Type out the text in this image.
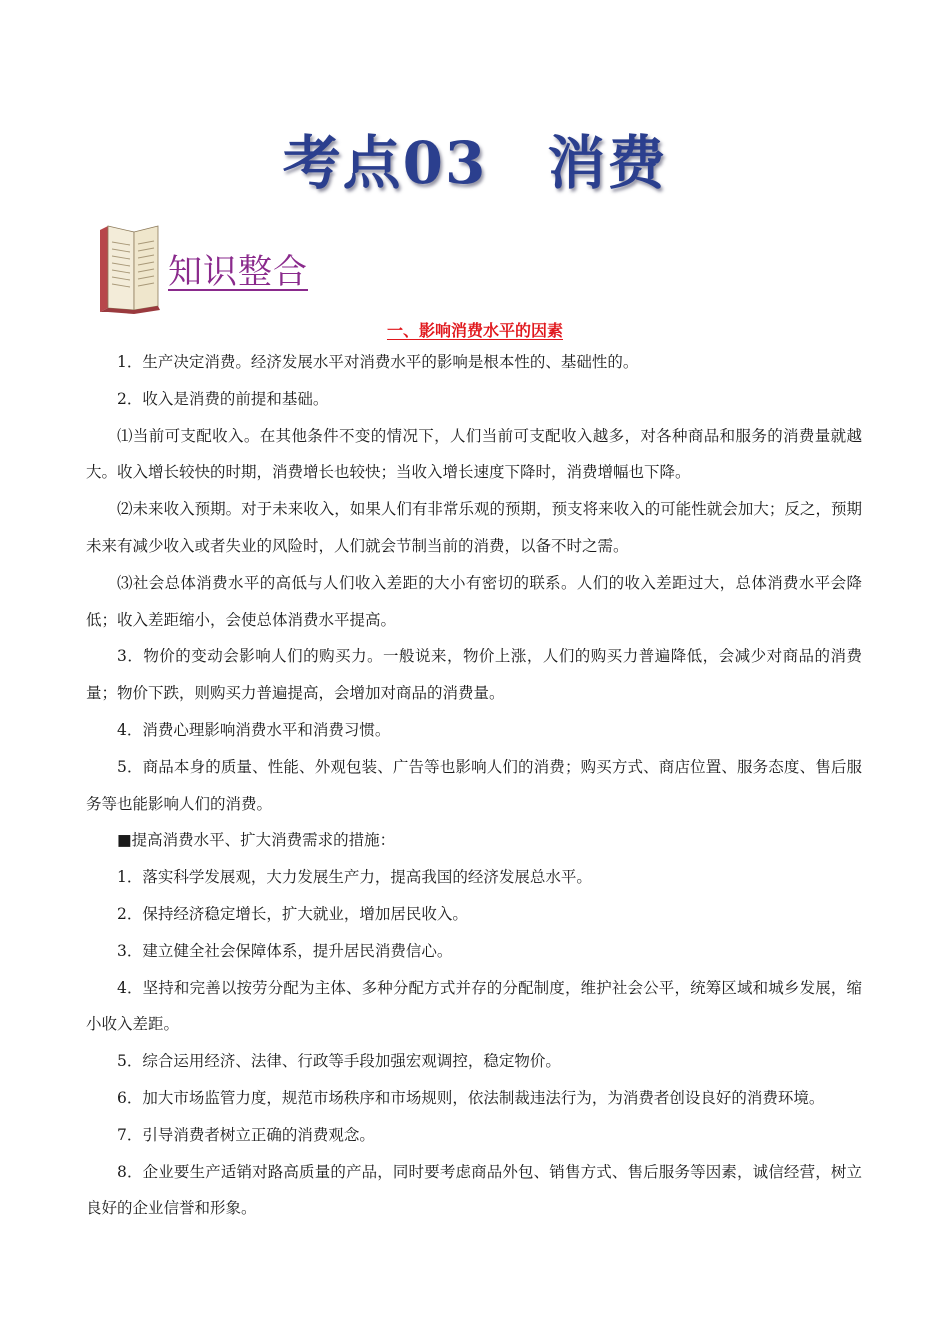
考点03　消费
知识整合
一、影响消费水平的因素

1．生产决定消费。经济发展水平对消费水平的影响是根本性的、基础性的。

2．收入是消费的前提和基础。

⑴当前可支配收入。在其他条件不变的情况下，人们当前可支配收入越多，对各种商品和服务的消费量就越大。收入增长较快的时期，消费增长也较快；当收入增长速度下降时，消费增幅也下降。

⑵未来收入预期。对于未来收入，如果人们有非常乐观的预期，预支将来收入的可能性就会加大；反之，预期未来有减少收入或者失业的风险时，人们就会节制当前的消费，以备不时之需。

⑶社会总体消费水平的高低与人们收入差距的大小有密切的联系。人们的收入差距过大，总体消费水平会降低；收入差距缩小，会使总体消费水平提高。

3．物价的变动会影响人们的购买力。一般说来，物价上涨，人们的购买力普遍降低，会减少对商品的消费量；物价下跌，则购买力普遍提高，会增加对商品的消费量。

4．消费心理影响消费水平和消费习惯。

5．商品本身的质量、性能、外观包装、广告等也影响人们的消费；购买方式、商店位置、服务态度、售后服务等也能影响人们的消费。

■提高消费水平、扩大消费需求的措施：

1．落实科学发展观，大力发展生产力，提高我国的经济发展总水平。

2．保持经济稳定增长，扩大就业，增加居民收入。

3．建立健全社会保障体系，提升居民消费信心。

4．坚持和完善以按劳分配为主体、多种分配方式并存的分配制度，维护社会公平，统筹区域和城乡发展，缩小收入差距。

5．综合运用经济、法律、行政等手段加强宏观调控，稳定物价。

6．加大市场监管力度，规范市场秩序和市场规则，依法制裁违法行为，为消费者创设良好的消费环境。

7．引导消费者树立正确的消费观念。

8．企业要生产适销对路高质量的产品，同时要考虑商品外包、销售方式、售后服务等因素，诚信经营，树立良好的企业信誉和形象。
